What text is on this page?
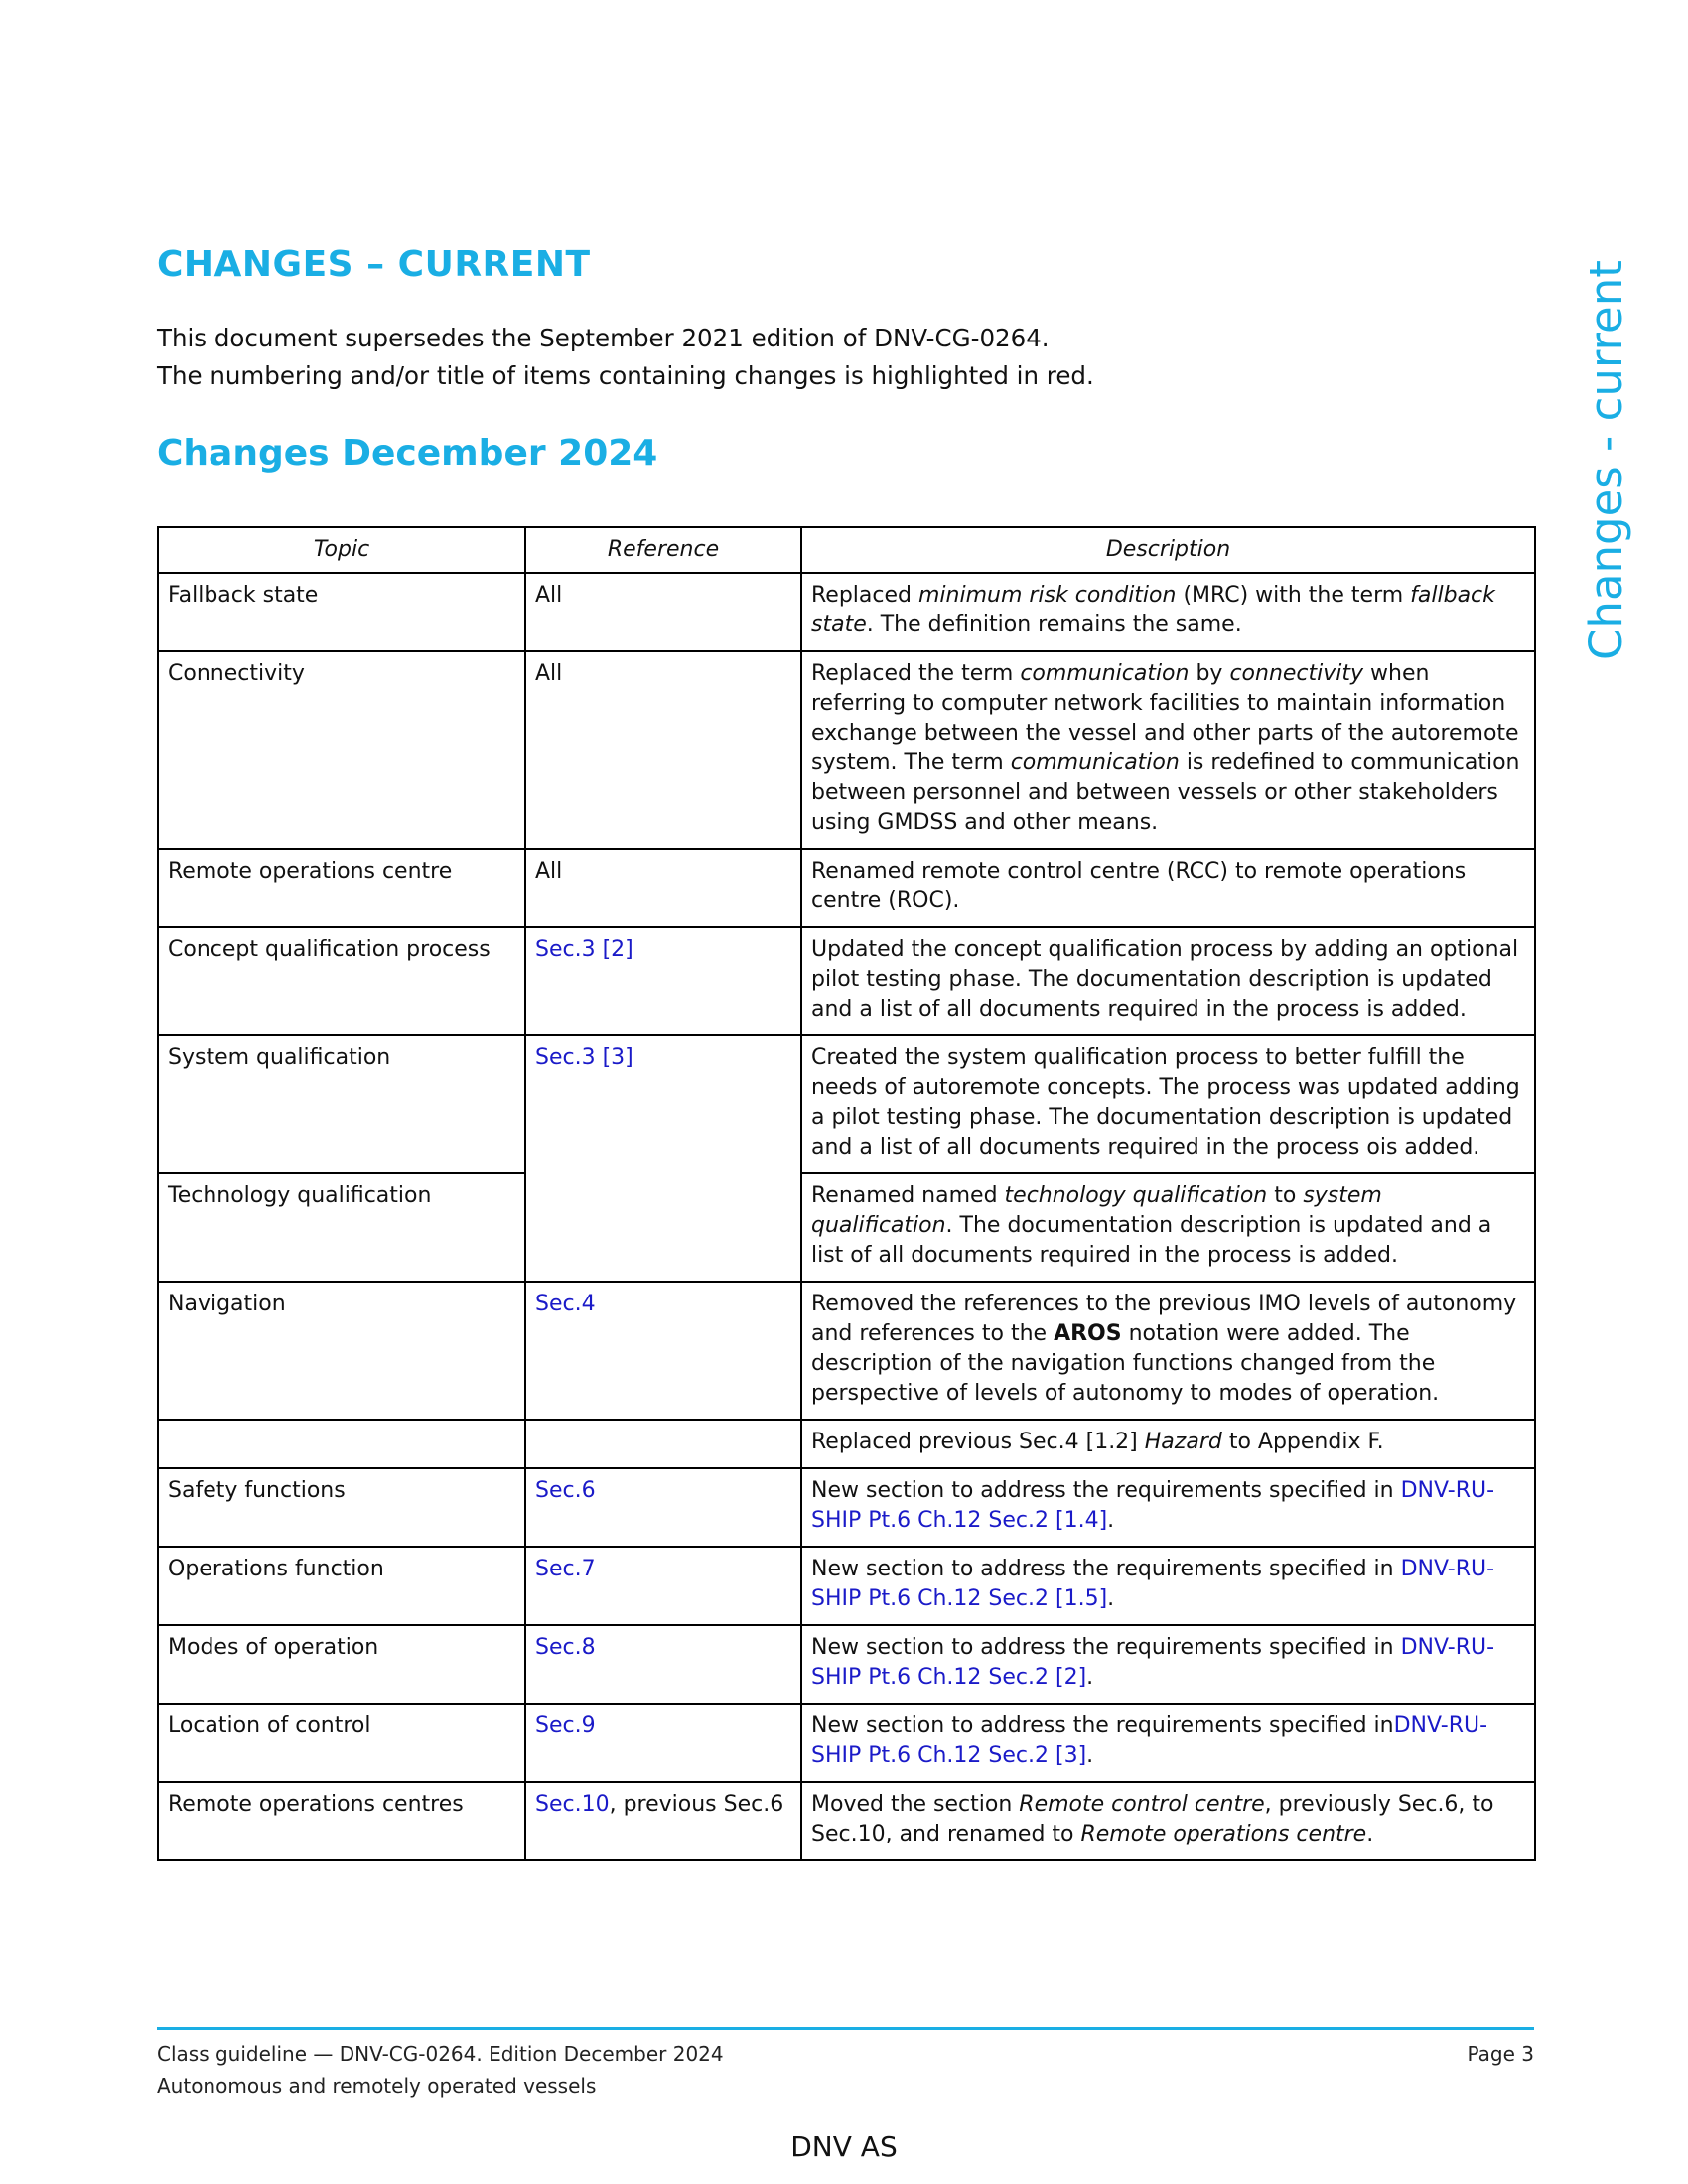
CHANGES – CURRENT

This document supersedes the September 2021 edition of DNV-CG-0264.

The numbering and/or title of items containing changes is highlighted in red.

Changes December 2024	Changes - current
Topic	Reference	Description
Fallback state	All	Replaced minimum risk condition (MRC) with the term fallback state. The definition remains the same.
Connectivity	All	Replaced the term communication by connectivity when referring to computer network facilities to maintain information exchange between the vessel and other parts of the autoremote system. The term communication is redefined to communication between personnel and between vessels or other stakeholders using GMDSS and other means.
Remote operations centre	All	Renamed remote control centre (RCC) to remote operations centre (ROC).
Concept qualification process	Sec.3 [2]	Updated the concept qualification process by adding an optional pilot testing phase. The documentation description is updated and a list of all documents required in the process is added.
System qualification	Sec.3 [3]	Created the system qualification process to better fulfill the needs of autoremote concepts. The process was updated adding a pilot testing phase. The documentation description is updated and a list of all documents required in the process ois added.
Technology qualification		Renamed named technology qualification to system qualification. The documentation description is updated and a list of all documents required in the process is added.
Navigation	Sec.4	Removed the references to the previous IMO levels of autonomy and references to the AROS notation were added. The description of the navigation functions changed from the perspective of levels of autonomy to modes of operation.
		Replaced previous Sec.4 [1.2] Hazard to Appendix F.
Safety functions	Sec.6	New section to address the requirements specified in DNV-RU-SHIP Pt.6 Ch.12 Sec.2 [1.4].
Operations function	Sec.7	New section to address the requirements specified in DNV-RU-SHIP Pt.6 Ch.12 Sec.2 [1.5].
Modes of operation	Sec.8	New section to address the requirements specified in DNV-RU-SHIP Pt.6 Ch.12 Sec.2 [2].
Location of control	Sec.9	New section to address the requirements specified inDNV-RU-SHIP Pt.6 Ch.12 Sec.2 [3].
Remote operations centres	Sec.10, previous Sec.6	Moved the section Remote control centre, previously Sec.6, to Sec.10, and renamed to Remote operations centre.
Class guideline — DNV-CG-0264. Edition December 2024
Autonomous and remotely operated vessels
Page 3
DNV AS
